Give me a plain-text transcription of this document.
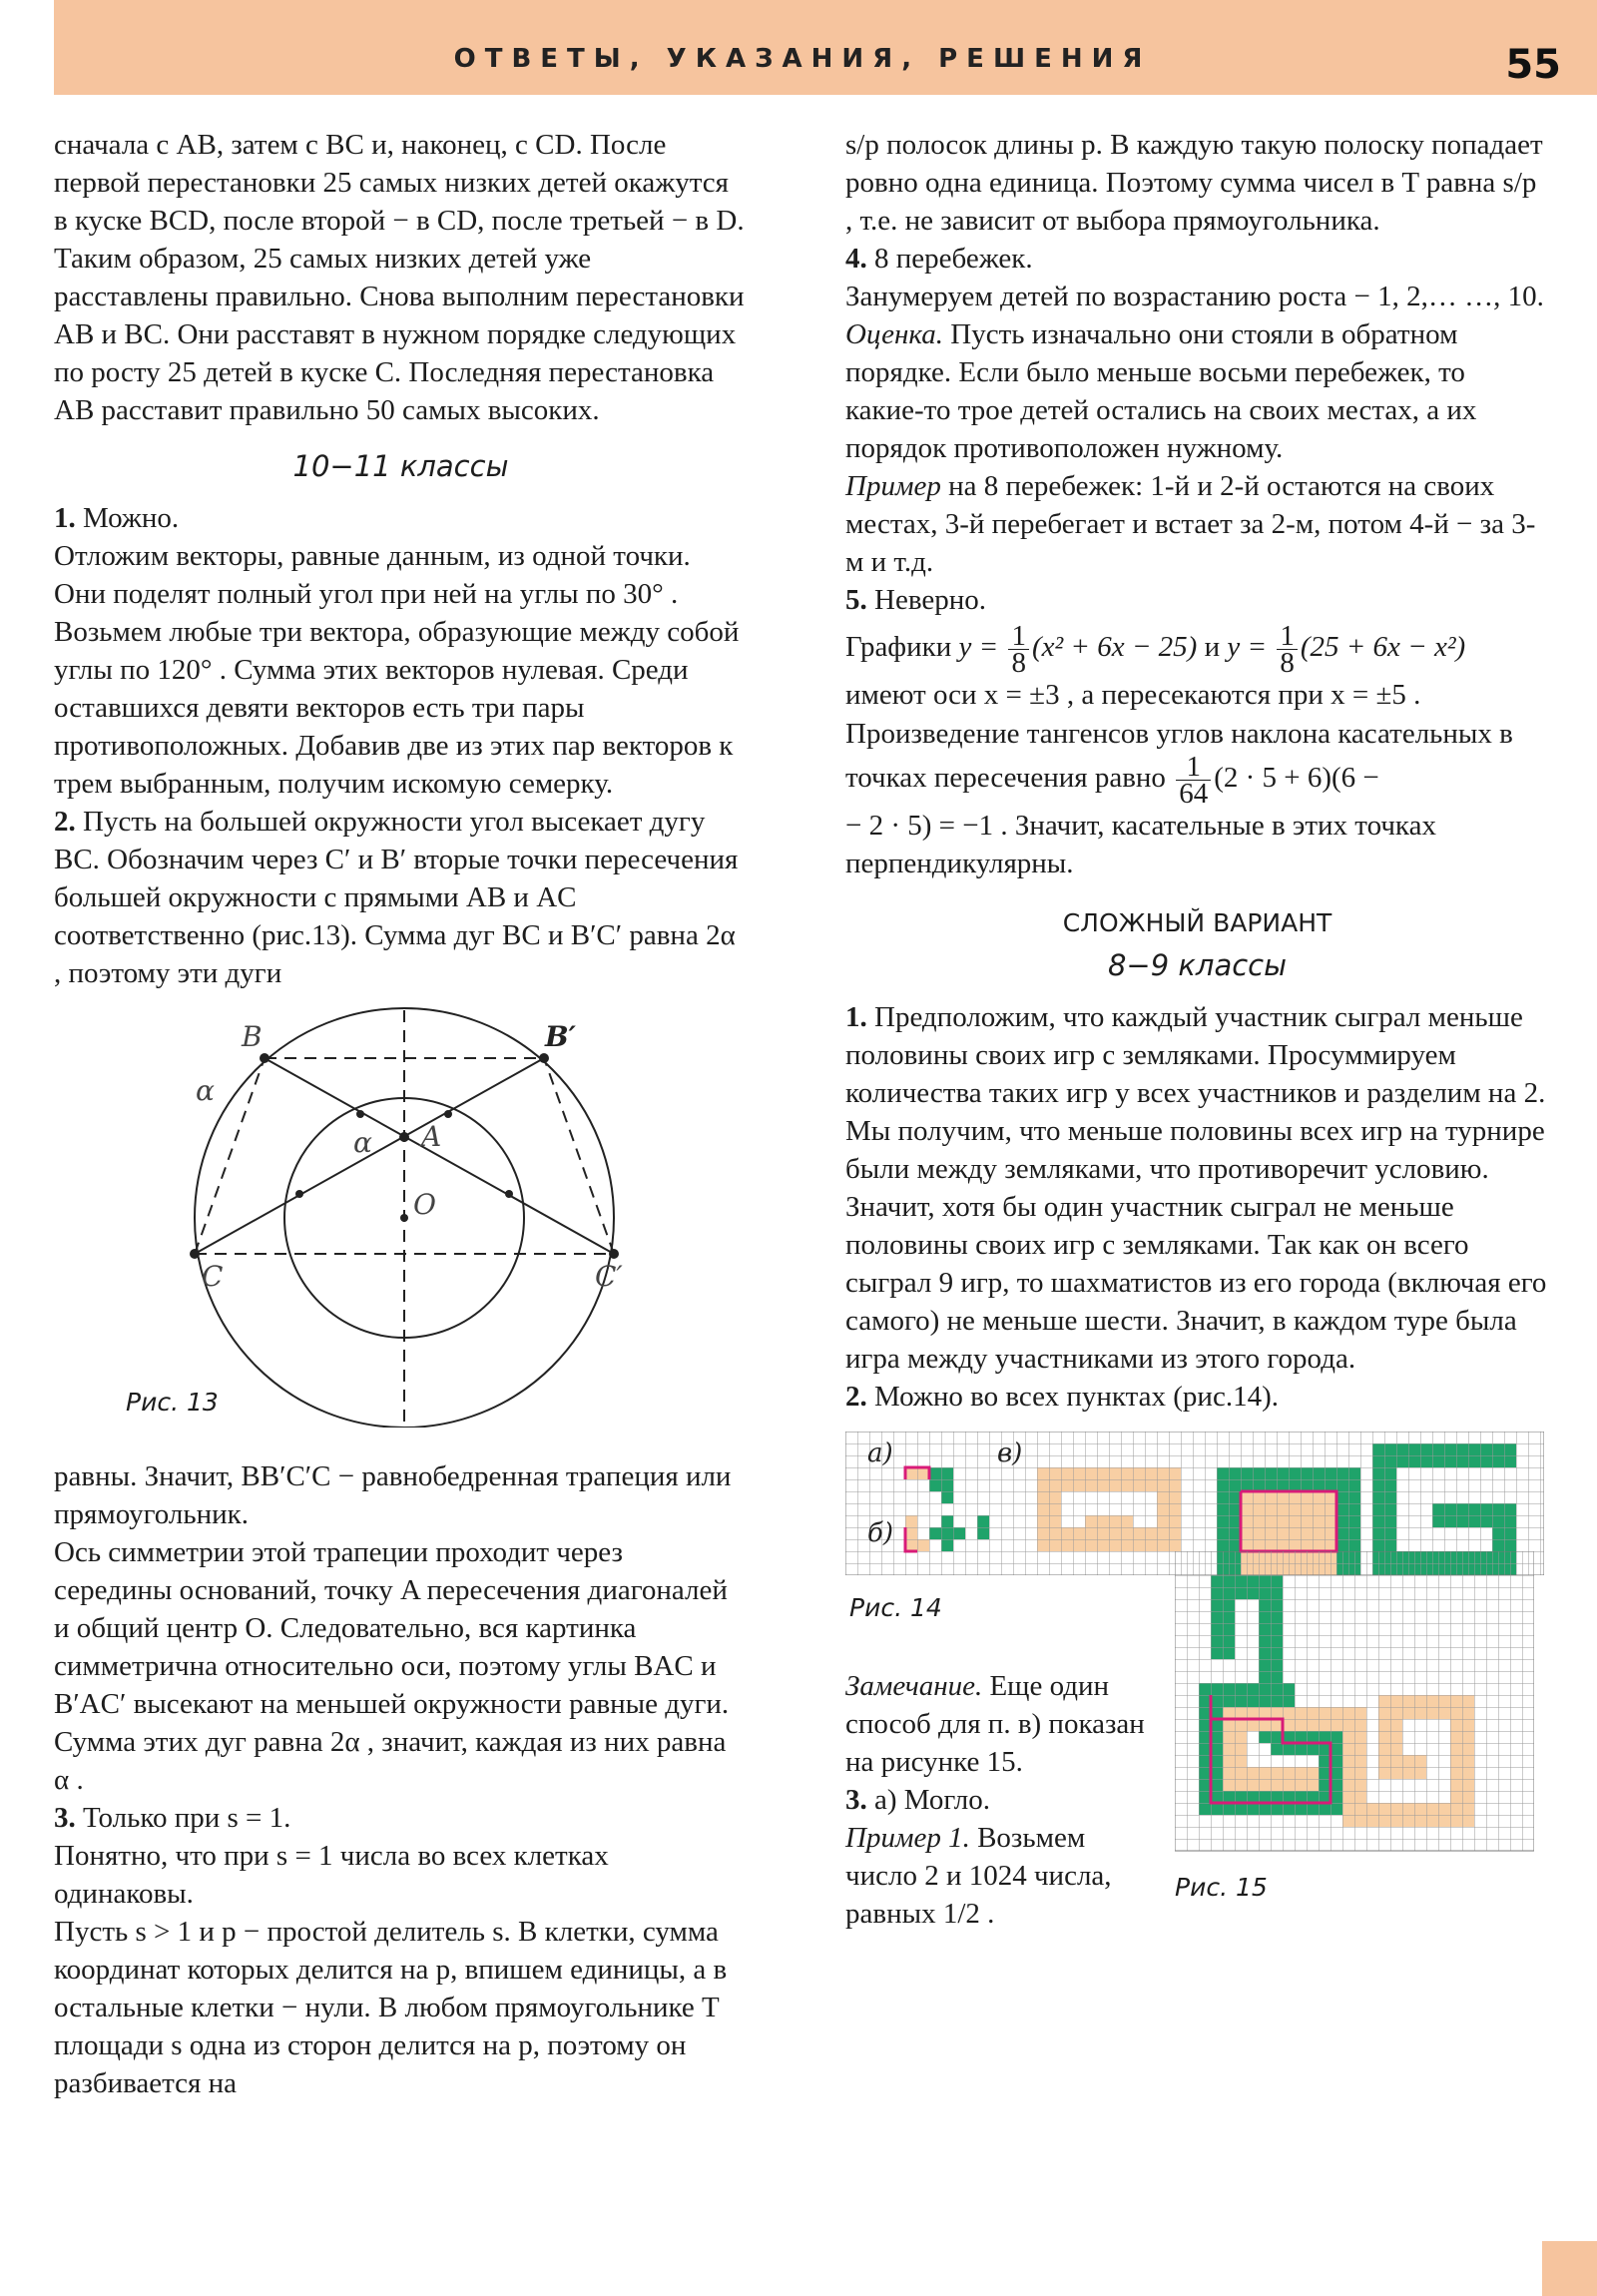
ОТВЕТЫ, УКАЗАНИЯ, РЕШЕНИЯ	55

сначала с AB, затем с BC и, наконец, с CD. После первой перестановки 25 самых низких детей окажутся в куске BCD, после второй − в CD, после третьей − в D. Таким образом, 25 самых низких детей уже расставлены правильно. Снова выполним перестановки AB и BC. Они расставят в нужном порядке следующих по росту 25 детей в куске C. Последняя перестановка AB расставит правильно 50 самых высоких.

10−11 классы

1. Можно.

Отложим векторы, равные данным, из одной точки. Они поделят полный угол при ней на углы по 30° . Возьмем любые три вектора, образующие между собой углы по 120° . Сумма этих векторов нулевая. Среди оставшихся девяти векторов есть три пары противоположных. Добавив две из этих пар векторов к трем выбранным, получим искомую семерку.

2. Пусть на большей окружности угол высекает дугу BC. Обозначим через C′ и B′ вторые точки пересечения большей окружности с прямыми AB и AC соответственно (рис.13). Сумма дуг BC и B′C′ равна 2α , поэтому эти дуги

B	B′
α
α A
O
C	C′
Рис. 13

равны. Значит, BB′C′C − равнобедренная трапеция или прямоугольник.

Ось симметрии этой трапеции проходит через середины оснований, точку A пересечения диагоналей и общий центр O. Следовательно, вся картинка симметрична относительно оси, поэтому углы BAC и B′AC′ высекают на меньшей окружности равные дуги. Сумма этих дуг равна 2α , значит, каждая из них равна α .

3. Только при s = 1.

Понятно, что при s = 1 числа во всех клетках одинаковы.

Пусть s > 1 и p − простой делитель s. В клетки, сумма координат которых делится на p, впишем единицы, а в остальные клетки − нули. В любом прямоугольнике T площади s одна из сторон делится на p, поэтому он разбивается на

s/p полосок длины p. В каждую такую полоску попадает ровно одна единица. Поэтому сумма чисел в T равна s/p , т.е. не зависит от выбора прямоугольника.

4. 8 перебежек.

Занумеруем детей по возрастанию роста − 1, 2,… …, 10.

Оценка. Пусть изначально они стояли в обратном порядке. Если было меньше восьми перебежек, то какие-то трое детей остались на своих местах, а их порядок противоположен нужному.

Пример на 8 перебежек: 1-й и 2-й остаются на своих местах, 3-й перебегает и встает за 2-м, потом 4-й − за 3-м и т.д.

5. Неверно.

Графики $y = \frac{1}{8} (x^2 + 6x - 25)$ и $y = \frac{1}{8} (25 + 6x - x^2)$

имеют оси x = ±3 , а пересекаются при x = ±5 .

Произведение тангенсов углов наклона касательных в точках пересечения равно $\frac{1}{64} (2 \cdot 5 + 6)(6$ −

− 2 · 5) = −1 . Значит, касательные в этих точках перпендикулярны.

СЛОЖНЫЙ ВАРИАНТ
8−9 классы

1. Предположим, что каждый участник сыграл меньше половины своих игр с земляками. Просуммируем количества таких игр у всех участников и разделим на 2. Мы получим, что меньше половины всех игр на турнире были между земляками, что противоречит условию. Значит, хотя бы один участник сыграл не меньше половины своих игр с земляками. Так как он всего сыграл 9 игр, то шахматистов из его города (включая его самого) не меньше шести. Значит, в каждом туре была игра между участниками из этого города.

2. Можно во всех пунктах (рис.14).

а)
б)
в)
Рис. 14

Замечание. Еще один способ для п. в) показан на рисунке 15.

3. а) Могло.

Пример 1. Возьмем число 2 и 1024 числа, равных 1/2 .

Рис. 15
